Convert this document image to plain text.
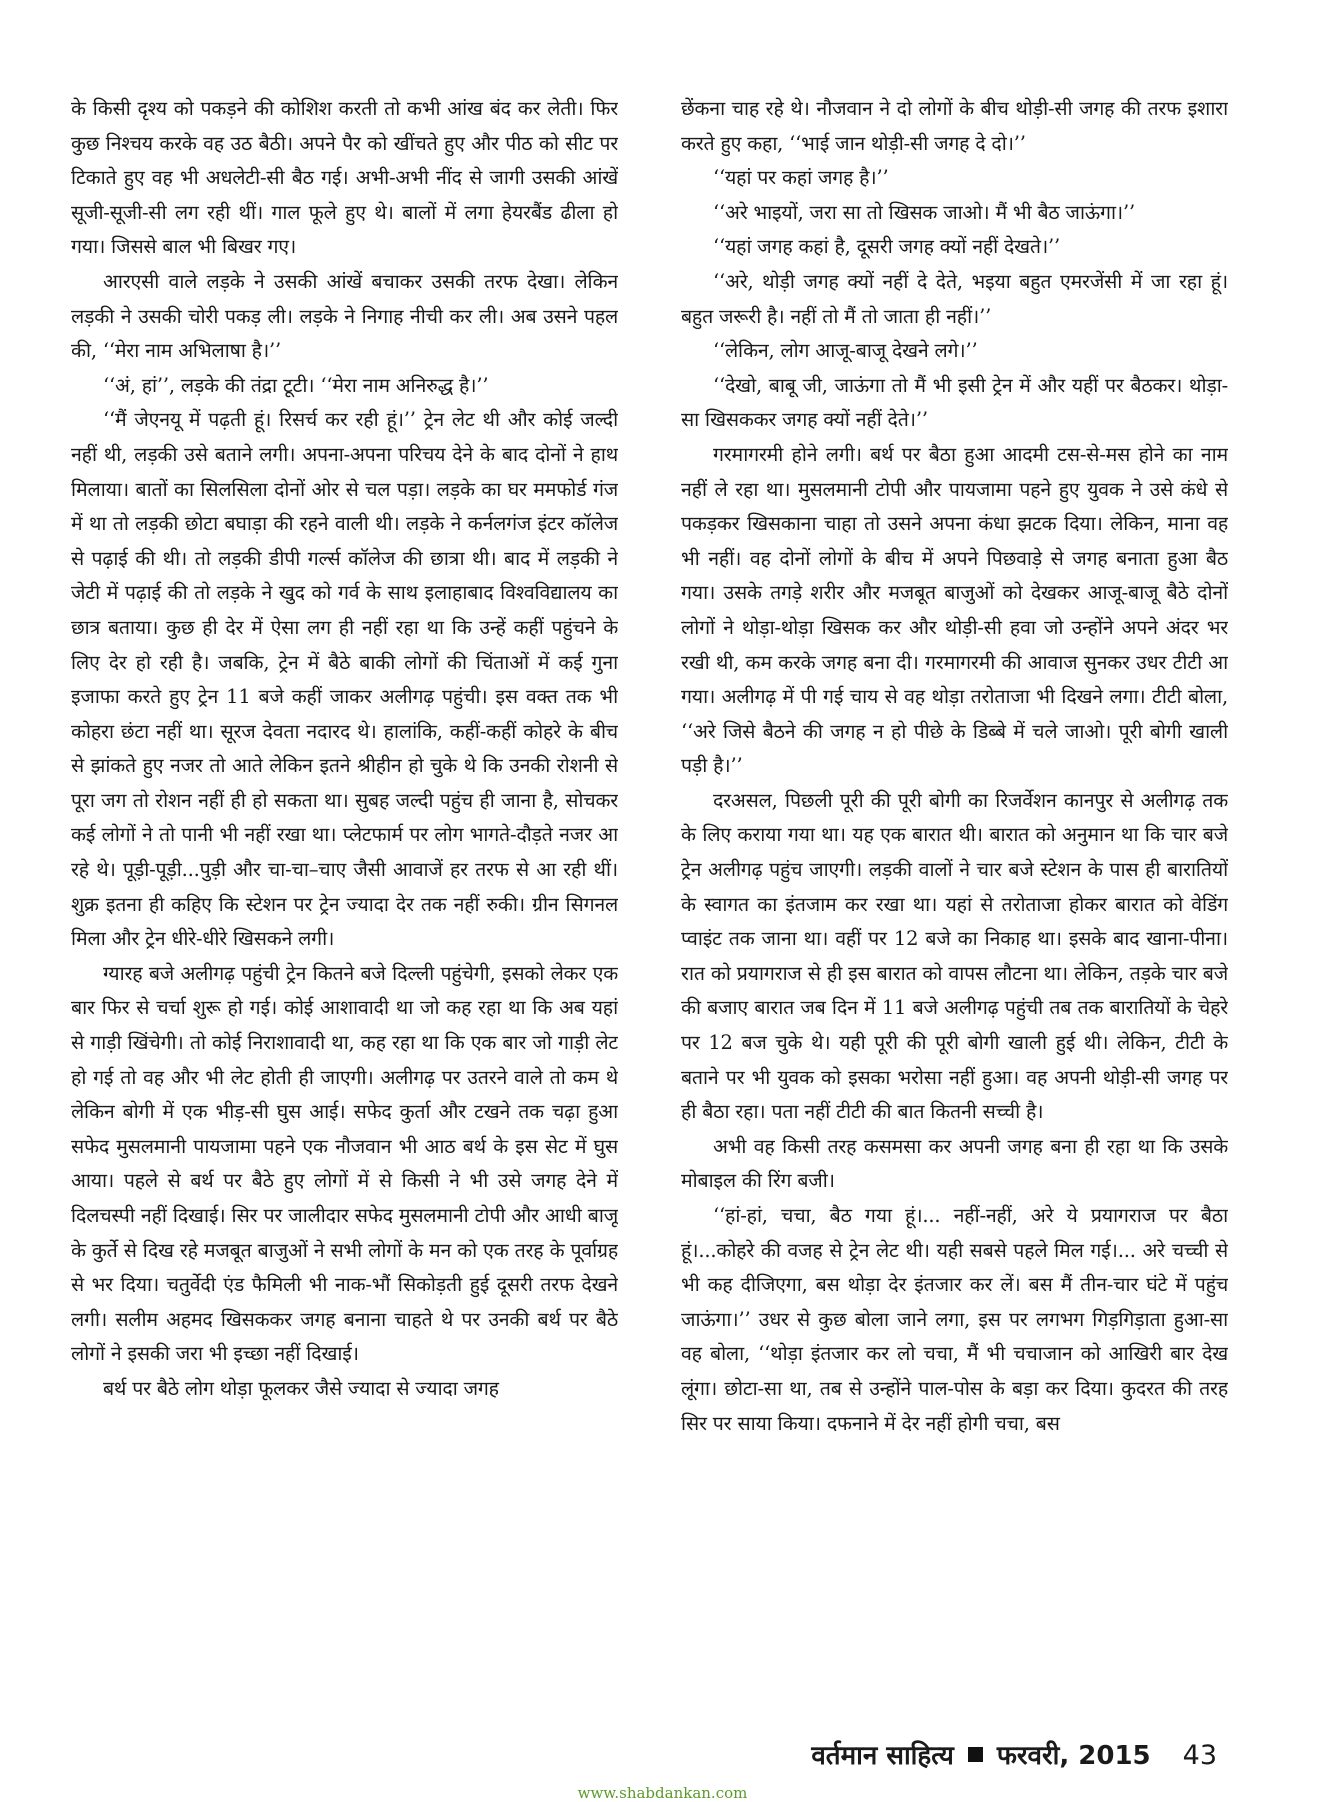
के किसी दृश्य को पकड़ने की कोशिश करती तो कभी आंख बंद कर लेती। फिर कुछ निश्चय करके वह उठ बैठी। अपने पैर को खींचते हुए और पीठ को सीट पर टिकाते हुए वह भी अधलेटी-सी बैठ गई। अभी-अभी नींद से जागी उसकी आंखें सूजी-सूजी-सी लग रही थीं। गाल फूले हुए थे। बालों में लगा हेयरबैंड ढीला हो गया। जिससे बाल भी बिखर गए।

आरएसी वाले लड़के ने उसकी आंखें बचाकर उसकी तरफ देखा। लेकिन लड़की ने उसकी चोरी पकड़ ली। लड़के ने निगाह नीची कर ली। अब उसने पहल की, ‘‘मेरा नाम अभिलाषा है।’’

‘‘अं, हां’’, लड़के की तंद्रा टूटी। ‘‘मेरा नाम अनिरुद्ध है।’’

‘‘मैं जेएनयू में पढ़ती हूं। रिसर्च कर रही हूं।’’ ट्रेन लेट थी और कोई जल्दी नहीं थी, लड़की उसे बताने लगी। अपना-अपना परिचय देने के बाद दोनों ने हाथ मिलाया। बातों का सिलसिला दोनों ओर से चल पड़ा। लड़के का घर ममफोर्ड गंज में था तो लड़की छोटा बघाड़ा की रहने वाली थी। लड़के ने कर्नलगंज इंटर कॉलेज से पढ़ाई की थी। तो लड़की डीपी गर्ल्स कॉलेज की छात्रा थी। बाद में लड़की ने जेटी में पढ़ाई की तो लड़के ने खुद को गर्व के साथ इलाहाबाद विश्वविद्यालय का छात्र बताया। कुछ ही देर में ऐसा लग ही नहीं रहा था कि उन्हें कहीं पहुंचने के लिए देर हो रही है। जबकि, ट्रेन में बैठे बाकी लोगों की चिंताओं में कई गुना इजाफा करते हुए ट्रेन 11 बजे कहीं जाकर अलीगढ़ पहुंची। इस वक्त तक भी कोहरा छंटा नहीं था। सूरज देवता नदारद थे। हालांकि, कहीं-कहीं कोहरे के बीच से झांकते हुए नजर तो आते लेकिन इतने श्रीहीन हो चुके थे कि उनकी रोशनी से पूरा जग तो रोशन नहीं ही हो सकता था। सुबह जल्दी पहुंच ही जाना है, सोचकर कई लोगों ने तो पानी भी नहीं रखा था। प्लेटफार्म पर लोग भागते-दौड़ते नजर आ रहे थे। पूड़ी-पूड़ी...पुड़ी और चा-चा–चाए जैसी आवाजें हर तरफ से आ रही थीं। शुक्र इतना ही कहिए कि स्टेशन पर ट्रेन ज्यादा देर तक नहीं रुकी। ग्रीन सिगनल मिला और ट्रेन धीरे-धीरे खिसकने लगी।

ग्यारह बजे अलीगढ़ पहुंची ट्रेन कितने बजे दिल्ली पहुंचेगी, इसको लेकर एक बार फिर से चर्चा शुरू हो गई। कोई आशावादी था जो कह रहा था कि अब यहां से गाड़ी खिंचेगी। तो कोई निराशावादी था, कह रहा था कि एक बार जो गाड़ी लेट हो गई तो वह और भी लेट होती ही जाएगी। अलीगढ़ पर उतरने वाले तो कम थे लेकिन बोगी में एक भीड़-सी घुस आई। सफेद कुर्ता और टखने तक चढ़ा हुआ सफेद मुसलमानी पायजामा पहने एक नौजवान भी आठ बर्थ के इस सेट में घुस आया। पहले से बर्थ पर बैठे हुए लोगों में से किसी ने भी उसे जगह देने में दिलचस्पी नहीं दिखाई। सिर पर जालीदार सफेद मुसलमानी टोपी और आधी बाजू के कुर्ते से दिख रहे मजबूत बाजुओं ने सभी लोगों के मन को एक तरह के पूर्वाग्रह से भर दिया। चतुर्वेदी एंड फैमिली भी नाक-भौं सिकोड़ती हुई दूसरी तरफ देखने लगी। सलीम अहमद खिसककर जगह बनाना चाहते थे पर उनकी बर्थ पर बैठे लोगों ने इसकी जरा भी इच्छा नहीं दिखाई।

बर्थ पर बैठे लोग थोड़ा फूलकर जैसे ज्यादा से ज्यादा जगह

छेंकना चाह रहे थे। नौजवान ने दो लोगों के बीच थोड़ी-सी जगह की तरफ इशारा करते हुए कहा, ‘‘भाई जान थोड़ी-सी जगह दे दो।’’

‘‘यहां पर कहां जगह है।’’

‘‘अरे भाइयों, जरा सा तो खिसक जाओ। मैं भी बैठ जाऊंगा।’’

‘‘यहां जगह कहां है, दूसरी जगह क्यों नहीं देखते।’’

‘‘अरे, थोड़ी जगह क्यों नहीं दे देते, भइया बहुत एमरजेंसी में जा रहा हूं। बहुत जरूरी है। नहीं तो मैं तो जाता ही नहीं।’’

‘‘लेकिन, लोग आजू-बाजू देखने लगे।’’

‘‘देखो, बाबू जी, जाऊंगा तो मैं भी इसी ट्रेन में और यहीं पर बैठकर। थोड़ा-सा खिसककर जगह क्यों नहीं देते।’’

गरमागरमी होने लगी। बर्थ पर बैठा हुआ आदमी टस-से-मस होने का नाम नहीं ले रहा था। मुसलमानी टोपी और पायजामा पहने हुए युवक ने उसे कंधे से पकड़कर खिसकाना चाहा तो उसने अपना कंधा झटक दिया। लेकिन, माना वह भी नहीं। वह दोनों लोगों के बीच में अपने पिछवाड़े से जगह बनाता हुआ बैठ गया। उसके तगड़े शरीर और मजबूत बाजुओं को देखकर आजू-बाजू बैठे दोनों लोगों ने थोड़ा-थोड़ा खिसक कर और थोड़ी-सी हवा जो उन्होंने अपने अंदर भर रखी थी, कम करके जगह बना दी। गरमागरमी की आवाज सुनकर उधर टीटी आ गया। अलीगढ़ में पी गई चाय से वह थोड़ा तरोताजा भी दिखने लगा। टीटी बोला, ‘‘अरे जिसे बैठने की जगह न हो पीछे के डिब्बे में चले जाओ। पूरी बोगी खाली पड़ी है।’’

दरअसल, पिछली पूरी की पूरी बोगी का रिजर्वेशन कानपुर से अलीगढ़ तक के लिए कराया गया था। यह एक बारात थी। बारात को अनुमान था कि चार बजे ट्रेन अलीगढ़ पहुंच जाएगी। लड़की वालों ने चार बजे स्टेशन के पास ही बारातियों के स्वागत का इंतजाम कर रखा था। यहां से तरोताजा होकर बारात को वेडिंग प्वाइंट तक जाना था। वहीं पर 12 बजे का निकाह था। इसके बाद खाना-पीना। रात को प्रयागराज से ही इस बारात को वापस लौटना था। लेकिन, तड़के चार बजे की बजाए बारात जब दिन में 11 बजे अलीगढ़ पहुंची तब तक बारातियों के चेहरे पर 12 बज चुके थे। यही पूरी की पूरी बोगी खाली हुई थी। लेकिन, टीटी के बताने पर भी युवक को इसका भरोसा नहीं हुआ। वह अपनी थोड़ी-सी जगह पर ही बैठा रहा। पता नहीं टीटी की बात कितनी सच्ची है।

अभी वह किसी तरह कसमसा कर अपनी जगह बना ही रहा था कि उसके मोबाइल की रिंग बजी।

‘‘हां-हां, चचा, बैठ गया हूं।... नहीं-नहीं, अरे ये प्रयागराज पर बैठा हूं।...कोहरे की वजह से ट्रेन लेट थी। यही सबसे पहले मिल गई।... अरे चच्ची से भी कह दीजिएगा, बस थोड़ा देर इंतजार कर लें। बस मैं तीन-चार घंटे में पहुंच जाऊंगा।’’ उधर से कुछ बोला जाने लगा, इस पर लगभग गिड़गिड़ाता हुआ-सा वह बोला, ‘‘थोड़ा इंतजार कर लो चचा, मैं भी चचाजान को आखिरी बार देख लूंगा। छोटा-सा था, तब से उन्होंने पाल-पोस के बड़ा कर दिया। कुदरत की तरह सिर पर साया किया। दफनाने में देर नहीं होगी चचा, बस

वर्तमान साहित्य फरवरी, 2015 43
www.shabdankan.com
